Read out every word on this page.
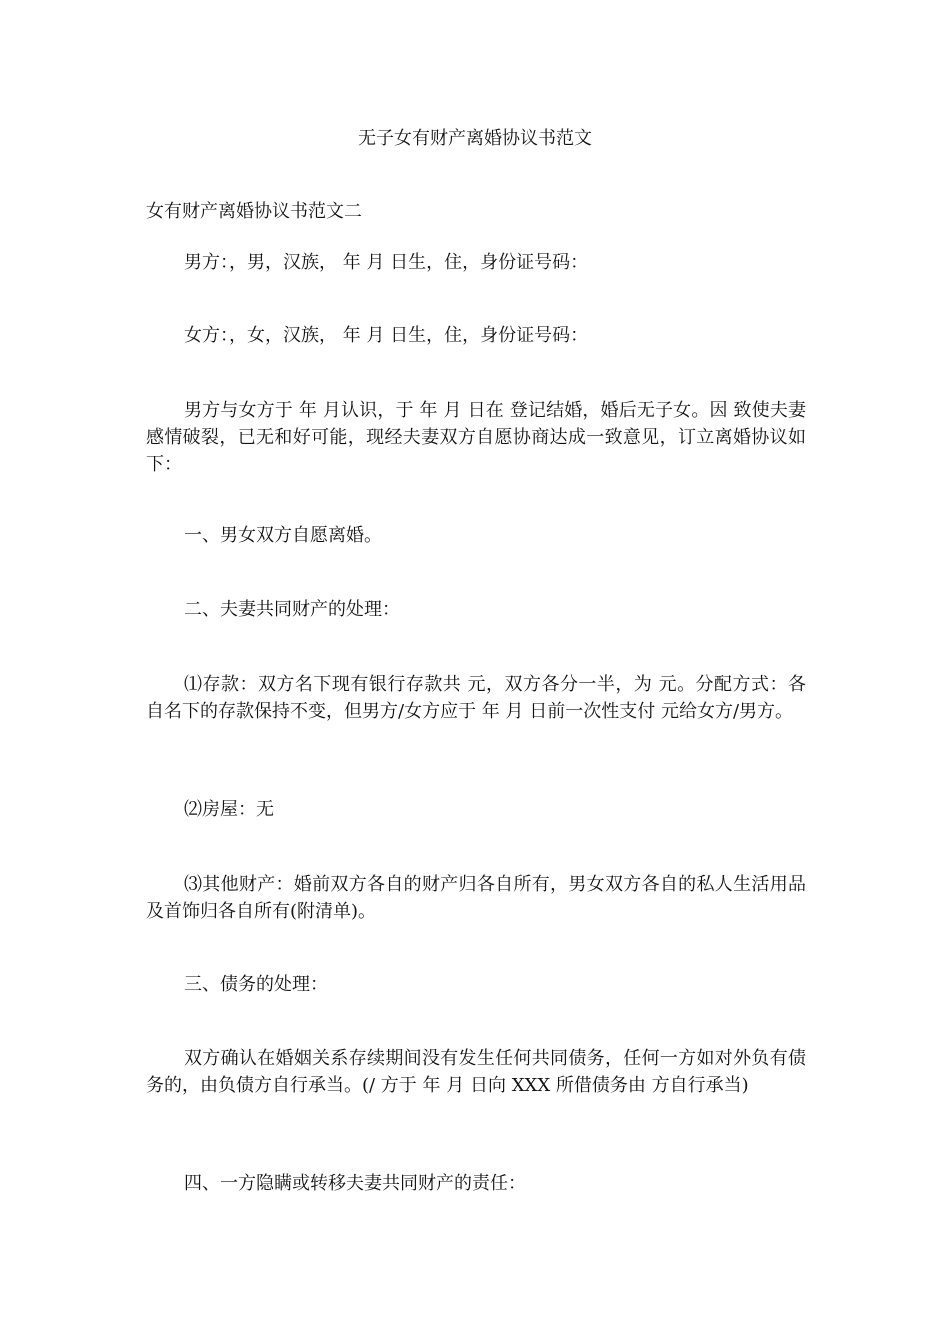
无子女有财产离婚协议书范文

女有财产离婚协议书范文二

男方：，男，汉族， 年 月 日生，住，身份证号码：

女方：，女，汉族， 年 月 日生，住，身份证号码：

男方与女方于 年 月认识，于 年 月 日在 登记结婚，婚后无子女。因 致使夫妻感情破裂，已无和好可能，现经夫妻双方自愿协商达成一致意见，订立离婚协议如下：

一、男女双方自愿离婚。

二、夫妻共同财产的处理：

⑴存款：双方名下现有银行存款共 元，双方各分一半，为 元。分配方式：各自名下的存款保持不变，但男方/女方应于 年 月 日前一次性支付 元给女方/男方。

⑵房屋：无

⑶其他财产：婚前双方各自的财产归各自所有，男女双方各自的私人生活用品及首饰归各自所有(附清单)。

三、债务的处理：

双方确认在婚姻关系存续期间没有发生任何共同债务，任何一方如对外负有债务的，由负债方自行承当。(/ 方于 年 月 日向 XXX 所借债务由 方自行承当)

四、一方隐瞒或转移夫妻共同财产的责任：
